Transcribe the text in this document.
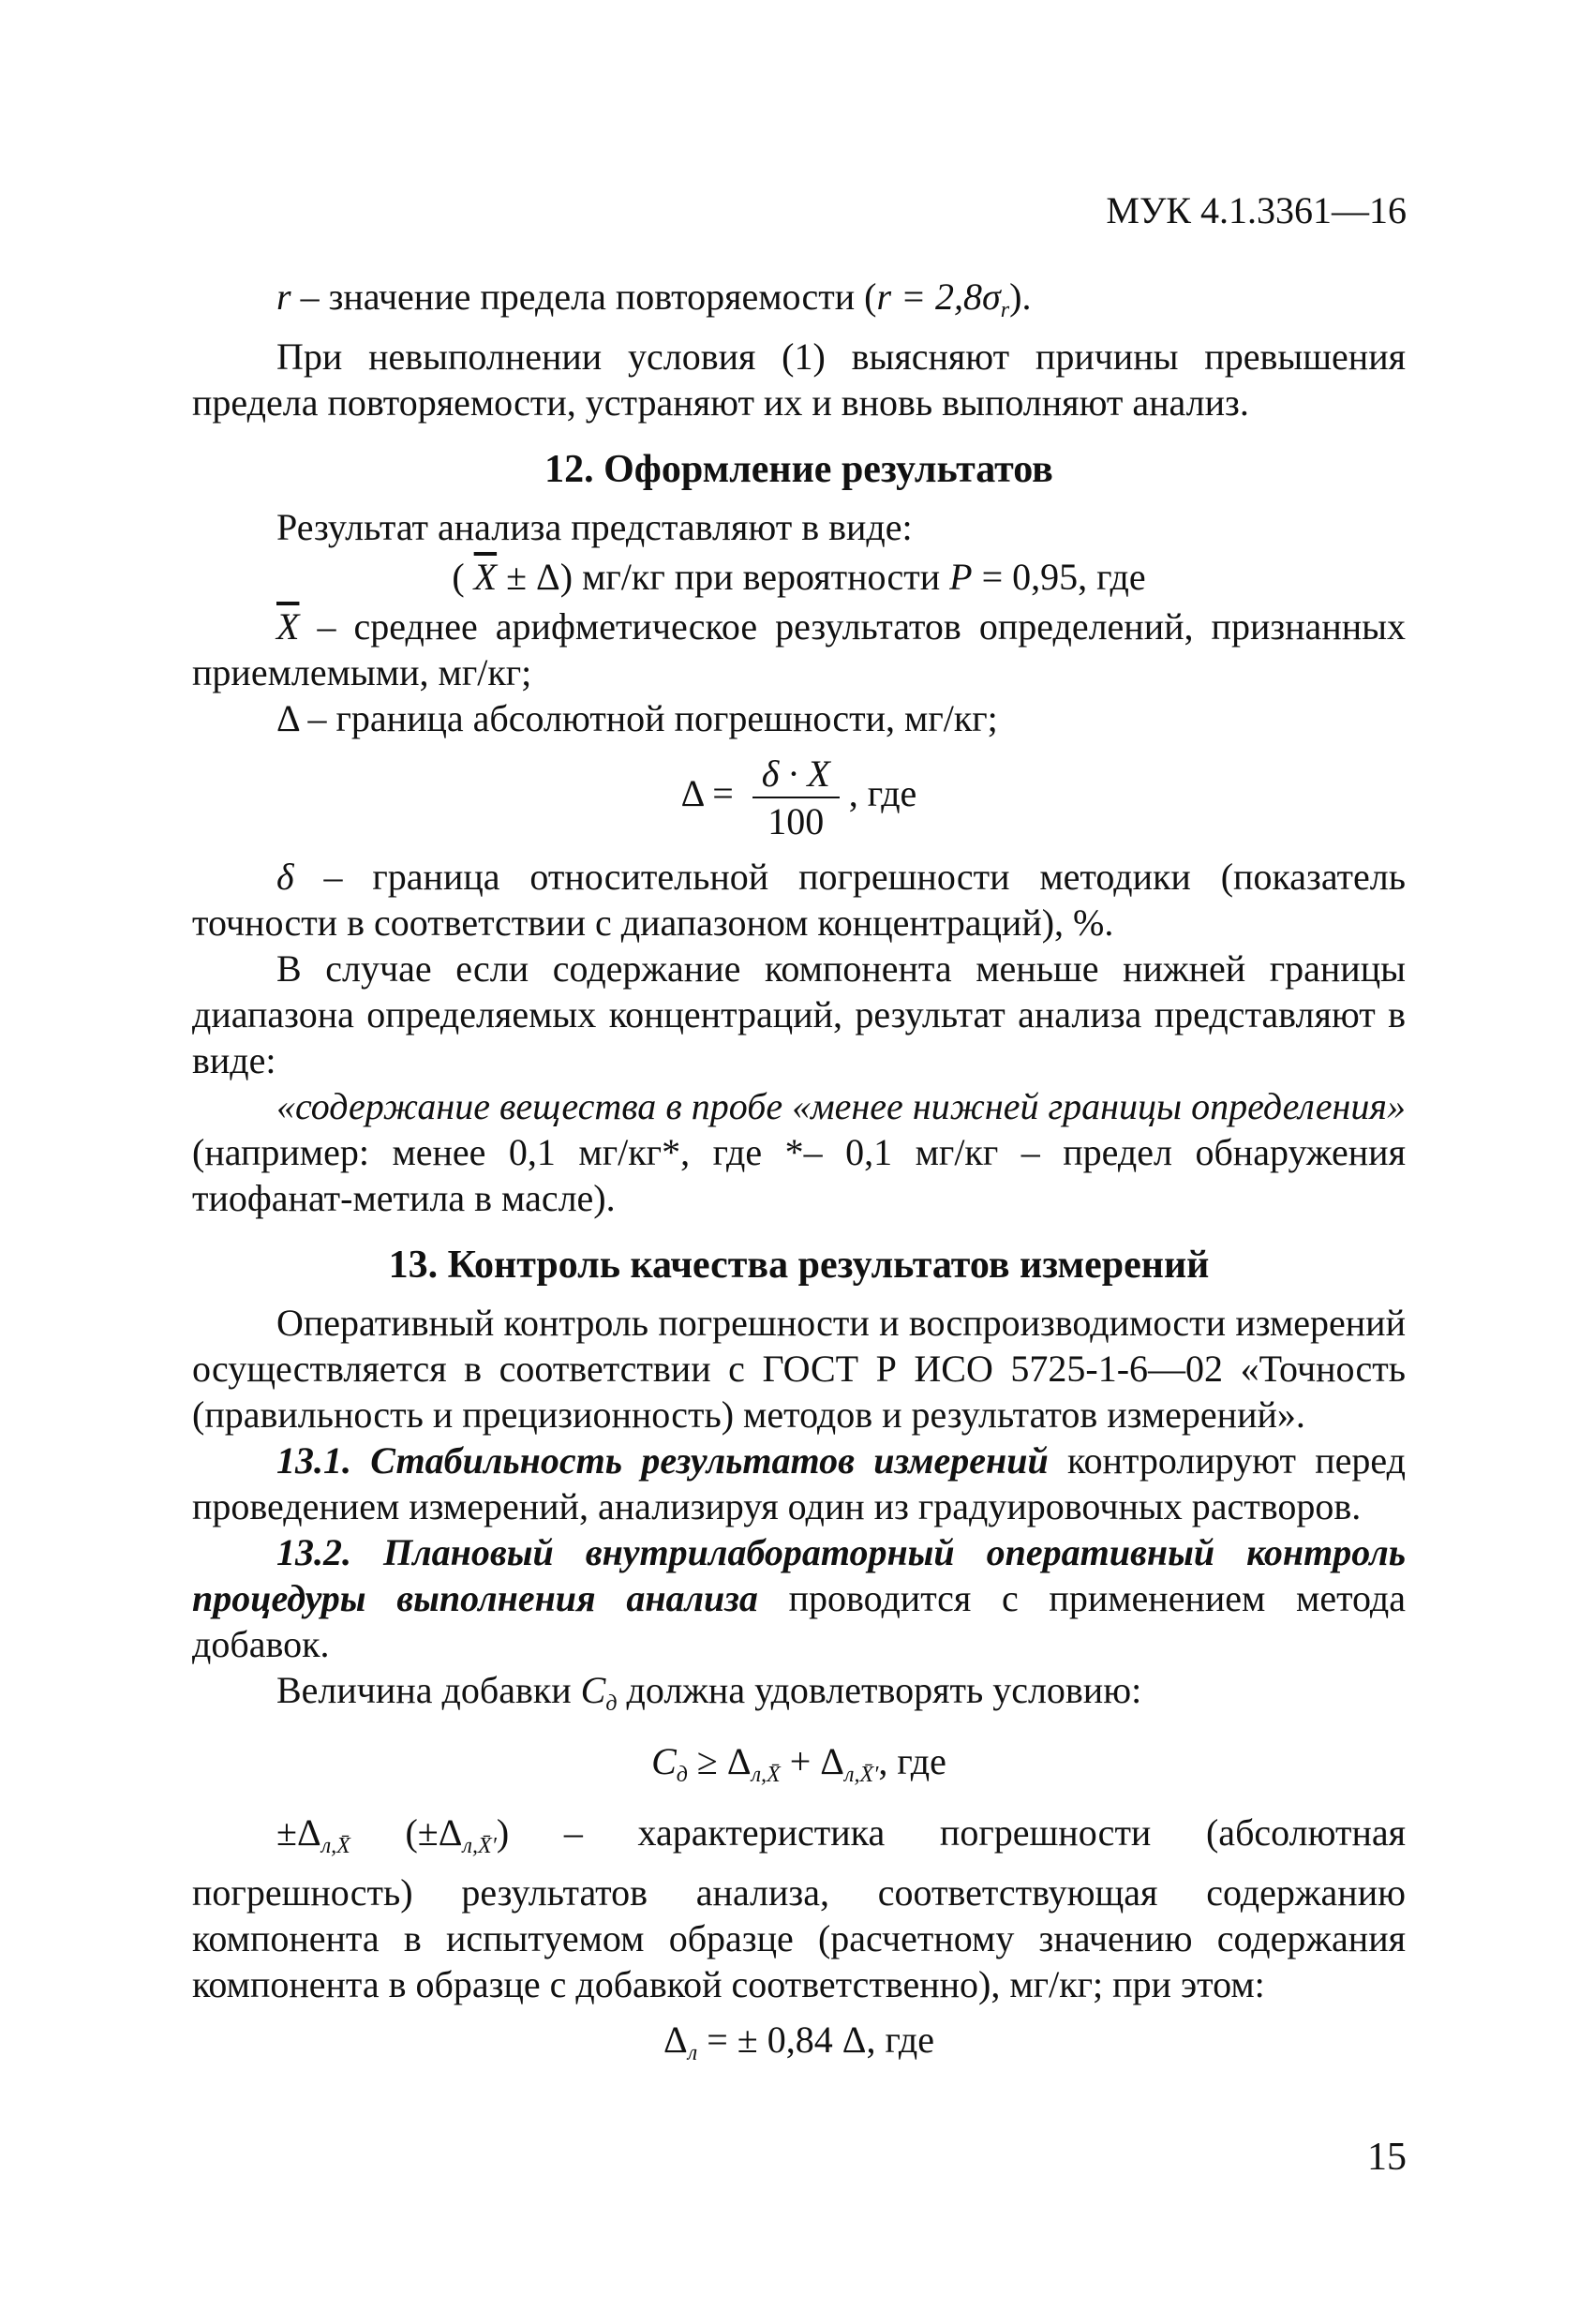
МУК 4.1.3361—16

r – значение предела повторяемости $(r = 2,8\sigma_r)$.

При невыполнении условия (1) выясняют причины превышения предела повторяемости, устраняют их и вновь выполняют анализ.

12. Оформление результатов

Результат анализа представляют в виде:

( $\overline{X} \pm \Delta$) мг/кг при вероятности P = 0,95, где

$\overline{X}$ – среднее арифметическое результатов определений, признанных приемлемыми, мг/кг;

Δ – граница абсолютной погрешности, мг/кг;

$\Delta = \frac{\delta \cdot X}{100}$ , где

δ – граница относительной погрешности методики (показатель точности в соответствии с диапазоном концентраций), %.

В случае если содержание компонента меньше нижней границы диапазона определяемых концентраций, результат анализа представляют в виде:

«содержание вещества в пробе «менее нижней границы определения» (например: менее 0,1 мг/кг*, где *– 0,1 мг/кг – предел обнаружения тиофанат-метила в масле).

13. Контроль качества результатов измерений

Оперативный контроль погрешности и воспроизводимости измерений осуществляется в соответствии с ГОСТ Р ИСО 5725-1-6—02 «Точность (правильность и прецизионность) методов и результатов измерений».

13.1. Стабильность результатов измерений контролируют перед проведением измерений, анализируя один из градуировочных растворов.

13.2. Плановый внутрилабораторный оперативный контроль процедуры выполнения анализа проводится с применением метода добавок.

Величина добавки $C_д$ должна удовлетворять условию:

$C_д \ge \Delta_{л,X̄} + \Delta_{л,X̄'}$, где

$\pm\Delta_{л,X̄}$ $(\pm\Delta_{л,X̄'})$ – характеристика погрешности (абсолютная погрешность) результатов анализа, соответствующая содержанию компонента в испытуемом образце (расчетному значению содержания компонента в образце с добавкой соответственно), мг/кг; при этом:

$\Delta_л$ = ± 0,84 Δ, где

15
